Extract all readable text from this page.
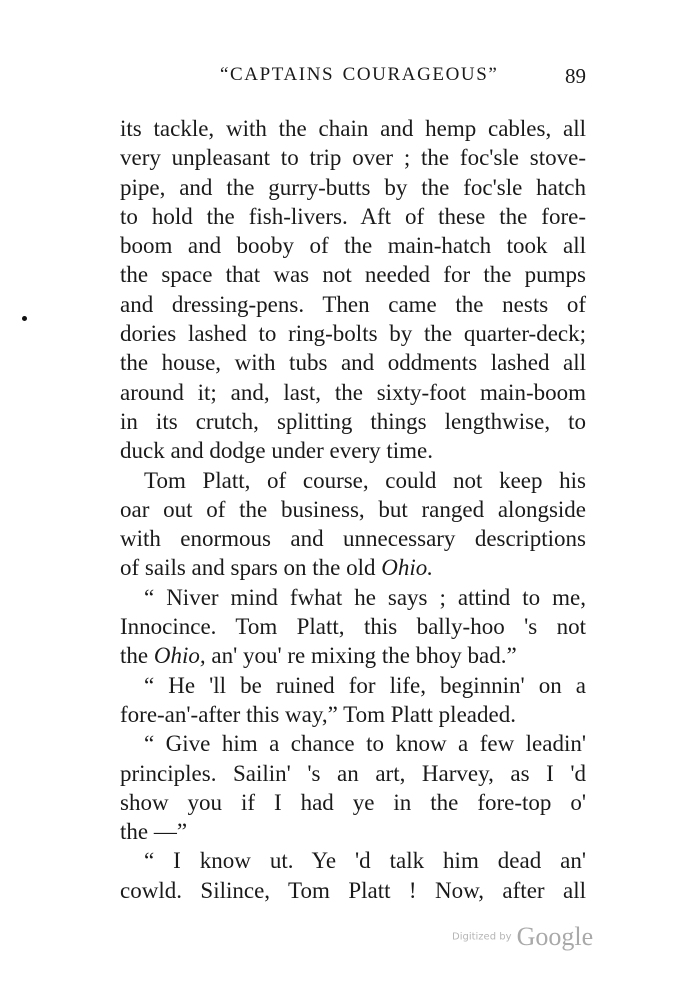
“CAPTAINS COURAGEOUS”	89
its tackle, with the chain and hemp cables, all
very unpleasant to trip over ; the foc'sle stove-
pipe, and the gurry-butts by the foc'sle hatch
to hold the fish-livers. Aft of these the fore-
boom and booby of the main-hatch took all
the space that was not needed for the pumps
and dressing-pens. Then came the nests of
dories lashed to ring-bolts by the quarter-deck;
the house, with tubs and oddments lashed all
around it; and, last, the sixty-foot main-boom
in its crutch, splitting things lengthwise, to
duck and dodge under every time.
Tom Platt, of course, could not keep his
oar out of the business, but ranged alongside
with enormous and unnecessary descriptions
of sails and spars on the old Ohio.
“ Niver mind fwhat he says ; attind to me,
Innocince. Tom Platt, this bally-hoo 's not
the Ohio, an' you' re mixing the bhoy bad.”
“ He 'll be ruined for life, beginnin' on a
fore-an'-after this way,” Tom Platt pleaded.
“ Give him a chance to know a few leadin'
principles. Sailin' 's an art, Harvey, as I 'd
show you if I had ye in the fore-top o'
the —”
“ I know ut. Ye 'd talk him dead an'
cowld. Silince, Tom Platt ! Now, after all
Digitized by Google
